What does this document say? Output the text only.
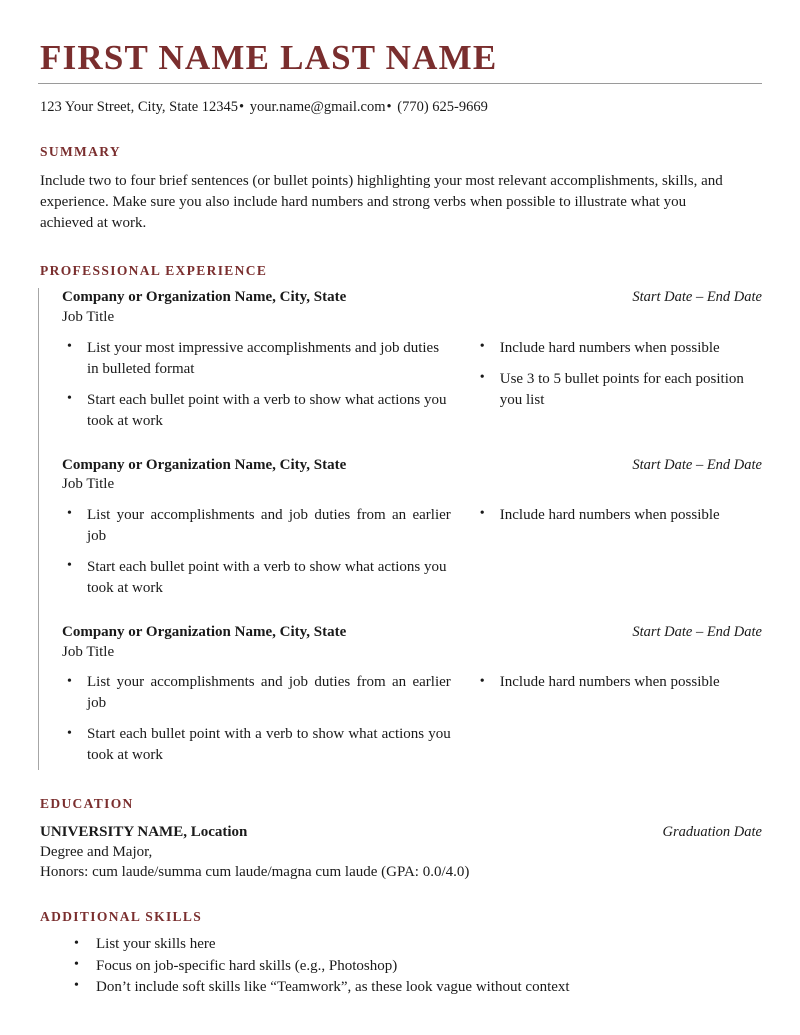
FIRST NAME LAST NAME
123 Your Street, City, State 12345• your.name@gmail.com• (770) 625-9669
SUMMARY

Include two to four brief sentences (or bullet points) highlighting your most relevant accomplishments, skills, and experience. Make sure you also include hard numbers and strong verbs when possible to illustrate what you achieved at work.

PROFESSIONAL EXPERIENCE
Company or Organization Name, City, State	Start Date – End Date
Job Title
• List your most impressive accomplishments and job duties in bulleted format
• Start each bullet point with a verb to show what actions you took at work
• Include hard numbers when possible
• Use 3 to 5 bullet points for each position you list
Company or Organization Name, City, State	Start Date – End Date
Job Title
• List your accomplishments and job duties from an earlier job
• Start each bullet point with a verb to show what actions you took at work
• Include hard numbers when possible
Company or Organization Name, City, State	Start Date – End Date
Job Title
• List your accomplishments and job duties from an earlier job
• Start each bullet point with a verb to show what actions you took at work
• Include hard numbers when possible
EDUCATION
UNIVERSITY NAME, Location	Graduation Date
Degree and Major,
Honors: cum laude/summa cum laude/magna cum laude (GPA: 0.0/4.0)
ADDITIONAL SKILLS
• List your skills here
• Focus on job-specific hard skills (e.g., Photoshop)
• Don’t include soft skills like “Teamwork”, as these look vague without context
